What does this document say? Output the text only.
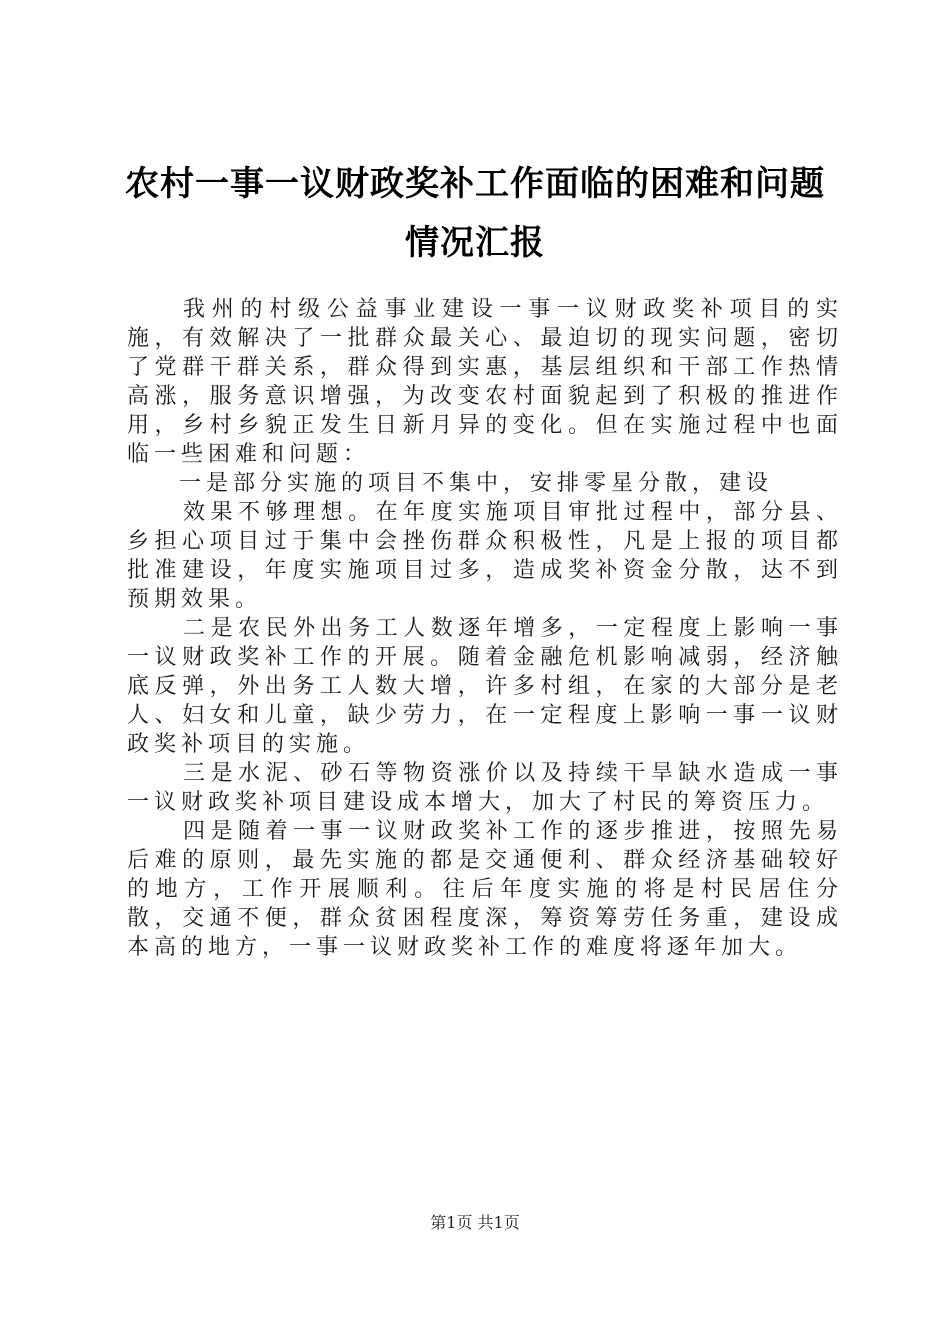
农村一事一议财政奖补工作面临的困难和问题
情况汇报

我州的村级公益事业建设一事一议财政奖补项目的实施，有效解决了一批群众最关心、最迫切的现实问题，密切了党群干群关系，群众得到实惠，基层组织和干部工作热情高涨，服务意识增强，为改变农村面貌起到了积极的推进作用，乡村乡貌正发生日新月异的变化。但在实施过程中也面临一些困难和问题：

一是部分实施的项目不集中，安排零星分散，建设

效果不够理想。在年度实施项目审批过程中，部分县、乡担心项目过于集中会挫伤群众积极性，凡是上报的项目都批准建设，年度实施项目过多，造成奖补资金分散，达不到预期效果。

二是农民外出务工人数逐年增多，一定程度上影响一事一议财政奖补工作的开展。随着金融危机影响减弱，经济触底反弹，外出务工人数大增，许多村组，在家的大部分是老人、妇女和儿童，缺少劳力，在一定程度上影响一事一议财政奖补项目的实施。

三是水泥、砂石等物资涨价以及持续干旱缺水造成一事一议财政奖补项目建设成本增大，加大了村民的筹资压力。

四是随着一事一议财政奖补工作的逐步推进，按照先易后难的原则，最先实施的都是交通便利、群众经济基础较好的地方，工作开展顺利。往后年度实施的将是村民居住分散，交通不便，群众贫困程度深，筹资筹劳任务重，建设成本高的地方，一事一议财政奖补工作的难度将逐年加大。

第1页 共1页
